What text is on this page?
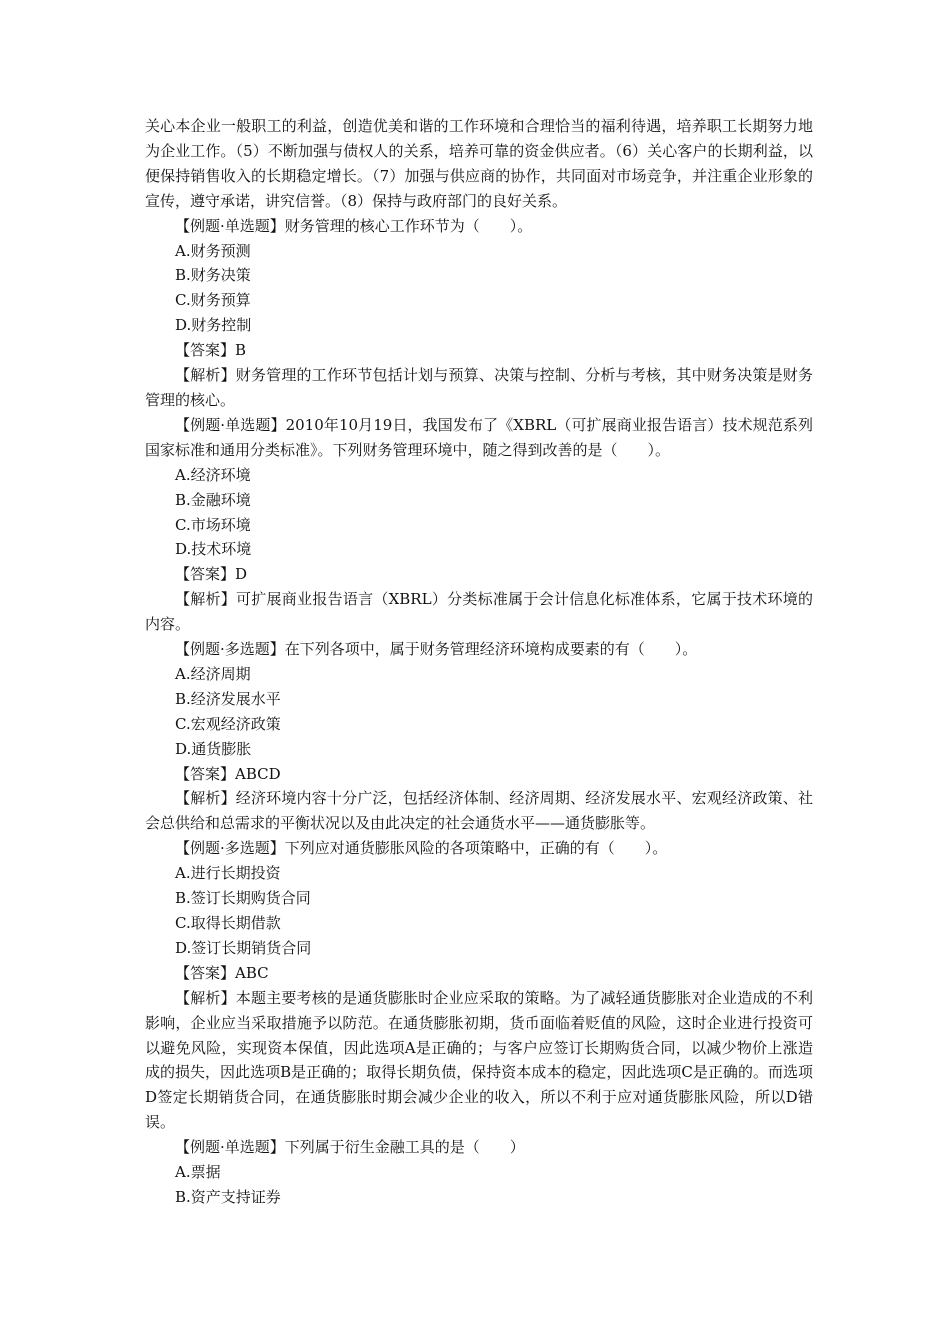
关心本企业一般职工的利益，创造优美和谐的工作环境和合理恰当的福利待遇，培养职工长期努力地为企业工作。（5）不断加强与债权人的关系，培养可靠的资金供应者。（6）关心客户的长期利益，以便保持销售收入的长期稳定增长。（7）加强与供应商的协作，共同面对市场竞争，并注重企业形象的宣传，遵守承诺，讲究信誉。（8）保持与政府部门的良好关系。

【例题·单选题】财务管理的核心工作环节为（　　）。

A.财务预测

B.财务决策

C.财务预算

D.财务控制

【答案】B

【解析】财务管理的工作环节包括计划与预算、决策与控制、分析与考核，其中财务决策是财务管理的核心。

【例题·单选题】2010年10月19日，我国发布了《XBRL（可扩展商业报告语言）技术规范系列国家标准和通用分类标准》。下列财务管理环境中，随之得到改善的是（　　）。

A.经济环境

B.金融环境

C.市场环境

D.技术环境

【答案】D

【解析】可扩展商业报告语言（XBRL）分类标准属于会计信息化标准体系，它属于技术环境的内容。

【例题·多选题】在下列各项中，属于财务管理经济环境构成要素的有（　　）。

A.经济周期

B.经济发展水平

C.宏观经济政策

D.通货膨胀

【答案】ABCD

【解析】经济环境内容十分广泛，包括经济体制、经济周期、经济发展水平、宏观经济政策、社会总供给和总需求的平衡状况以及由此决定的社会通货水平——通货膨胀等。

【例题·多选题】下列应对通货膨胀风险的各项策略中，正确的有（　　）。

A.进行长期投资

B.签订长期购货合同

C.取得长期借款

D.签订长期销货合同

【答案】ABC

【解析】本题主要考核的是通货膨胀时企业应采取的策略。为了减轻通货膨胀对企业造成的不利影响，企业应当采取措施予以防范。在通货膨胀初期，货币面临着贬值的风险，这时企业进行投资可以避免风险，实现资本保值，因此选项A是正确的；与客户应签订长期购货合同，以减少物价上涨造成的损失，因此选项B是正确的；取得长期负债，保持资本成本的稳定，因此选项C是正确的。而选项D签定长期销货合同，在通货膨胀时期会减少企业的收入，所以不利于应对通货膨胀风险，所以D错误。

【例题·单选题】下列属于衍生金融工具的是（　　）

A.票据

B.资产支持证券
